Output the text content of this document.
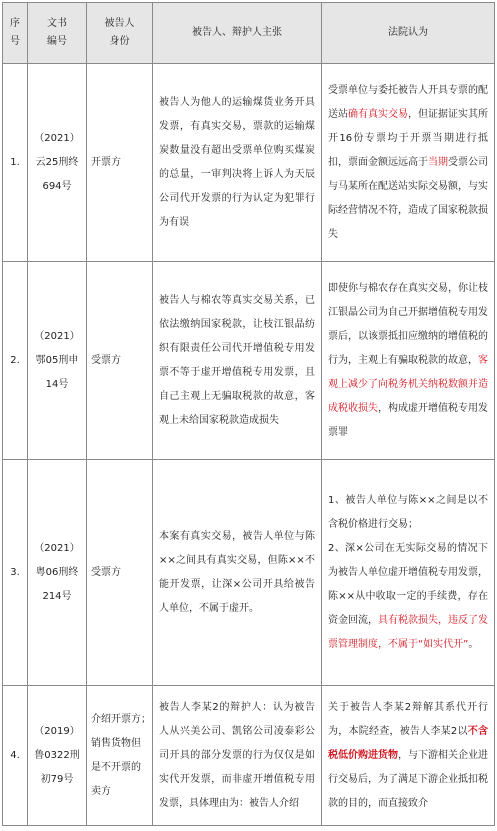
序
号	文书
编号	被告人
身份	被告人、辩护人主张	法院认为
1.	（2021）
云25刑终
694号	开票方	被告人为他人的运输煤货业务开具发票，有真实交易，票款的运输煤炭数量没有超出受票单位购买煤炭的总量，一审判决将上诉人为天辰公司代开发票的行为认定为犯罪行为有误	受票单位与委托被告人开具专票的配送站确有真实交易，但证据证实其所开16份专票均于开票当期进行抵扣，票面金额远远高于当期受票公司与马某所在配送站实际交易额，与实际经营情况不符，造成了国家税款损失
2.	（2021）
鄂05刑申
14号	受票方	被告人与棉农等真实交易关系，已依法缴纳国家税款，让枝江银晶纺织有限责任公司代开增值税专用发票不等于虚开增值税专用发票，且自己主观上无骗取税款的故意，客观上未给国家税款造成损失	即使你与棉农存在真实交易，你让枝江银晶公司为自己开据增值税专用发票后，以该票抵扣应缴纳的增值税的行为，主观上有骗取税款的故意，客观上减少了向税务机关纳税数额并造成税收损失，构成虚开增值税专用发票罪
3.	（2021）
粤06刑终
214号	受票方	本案有真实交易，被告人单位与陈××之间具有真实交易，但陈××不能开发票，让深×公司开具给被告人单位，不属于虚开。	1、被告人单位与陈××之间是以不含税价格进行交易；
2、深×公司在无实际交易的情况下为被告人单位虚开增值税专用发票，陈××从中收取一定的手续费，存在资金回流，具有税款损失，违反了发票管理制度，不属于“如实代开”。
4.	（2019）
鲁0322刑
初79号	介绍开票方；
销售货物但
是不开票的
卖方	被告人李某2的辩护人：认为被告人从兴美公司、凯铭公司凌泰彩公司开具的部分发票的行为仅仅是如实代开发票，而非虚开增值税专用发票，具体理由为：被告人介绍	关于被告人李某2辩解其系代开行为，本院经查，被告人李某2以不含税低价购进货物，与下游相关企业进行交易后，为了满足下游企业抵扣税款的目的，而直接致介
